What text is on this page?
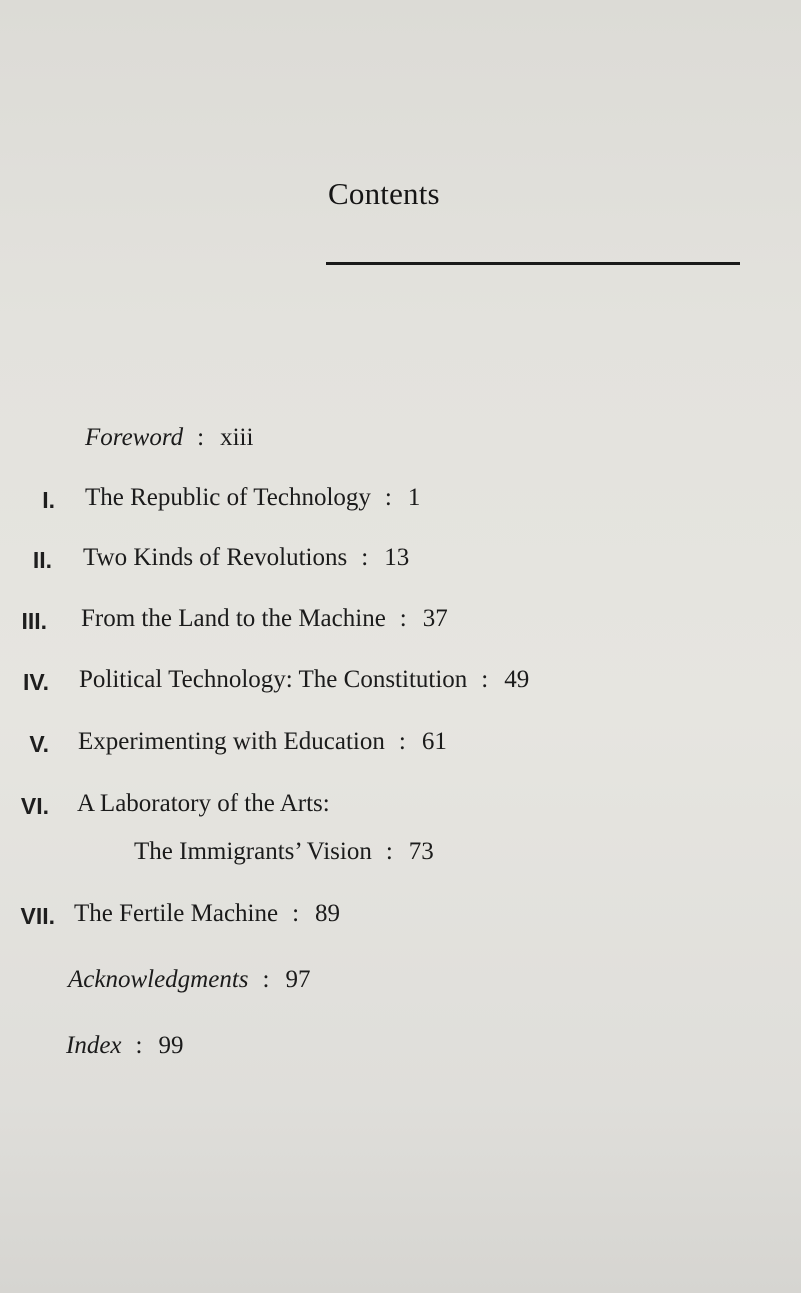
Contents
Foreword : xiii
I. The Republic of Technology : 1
II. Two Kinds of Revolutions : 13
III. From the Land to the Machine : 37
IV. Political Technology: The Constitution : 49
V. Experimenting with Education : 61
VI. A Laboratory of the Arts:
The Immigrants’ Vision : 73
VII. The Fertile Machine : 89
Acknowledgments : 97
Index : 99
